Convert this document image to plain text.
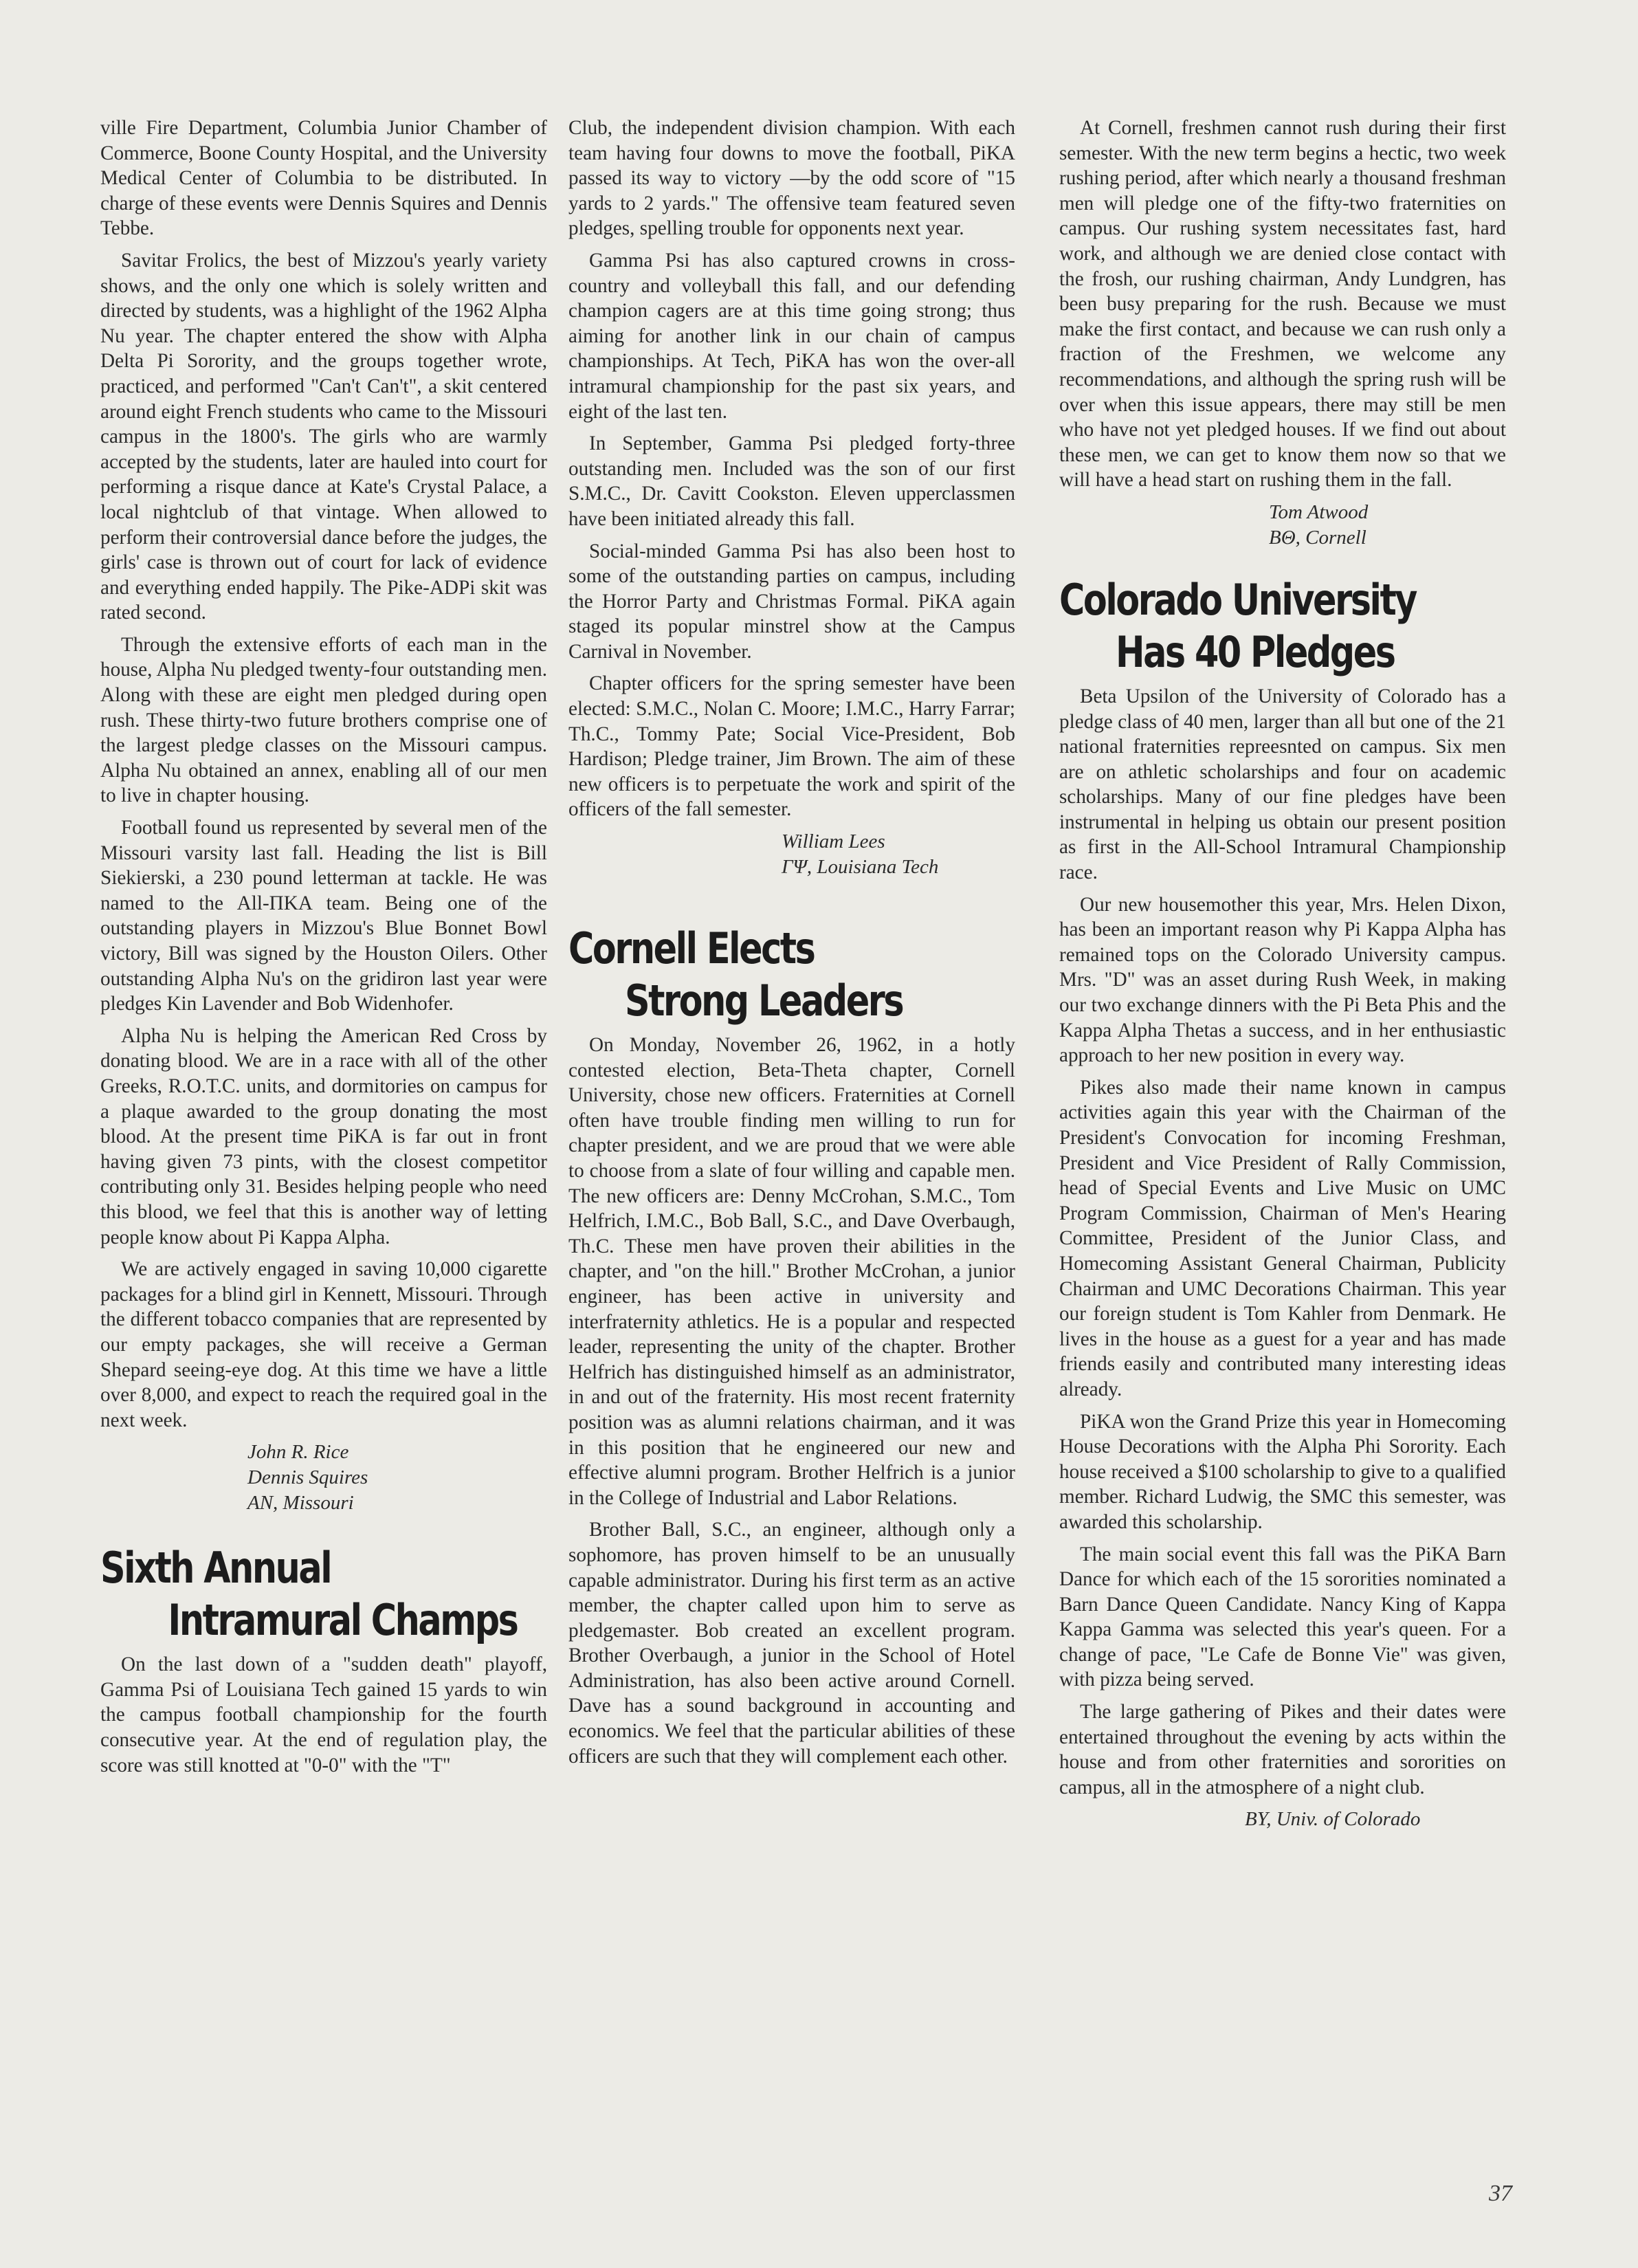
ville Fire Department, Columbia Junior Chamber of Commerce, Boone County Hospital, and the University Medical Center of Columbia to be distributed. In charge of these events were Dennis Squires and Dennis Tebbe.

Savitar Frolics, the best of Mizzou's yearly variety shows, and the only one which is solely written and directed by students, was a highlight of the 1962 Alpha Nu year. The chapter entered the show with Alpha Delta Pi Sorority, and the groups together wrote, practiced, and performed "Can't Can't", a skit centered around eight French students who came to the Missouri campus in the 1800's. The girls who are warmly accepted by the students, later are hauled into court for performing a risque dance at Kate's Crystal Palace, a local nightclub of that vintage. When allowed to perform their controversial dance before the judges, the girls' case is thrown out of court for lack of evidence and everything ended happily. The Pike-ADPi skit was rated second.

Through the extensive efforts of each man in the house, Alpha Nu pledged twenty-four outstanding men. Along with these are eight men pledged during open rush. These thirty-two future brothers comprise one of the largest pledge classes on the Missouri campus. Alpha Nu obtained an annex, enabling all of our men to live in chapter housing.

Football found us represented by several men of the Missouri varsity last fall. Heading the list is Bill Siekierski, a 230 pound letterman at tackle. He was named to the All-ΠKA team. Being one of the outstanding players in Mizzou's Blue Bonnet Bowl victory, Bill was signed by the Houston Oilers. Other outstanding Alpha Nu's on the gridiron last year were pledges Kin Lavender and Bob Widenhofer.

Alpha Nu is helping the American Red Cross by donating blood. We are in a race with all of the other Greeks, R.O.T.C. units, and dormitories on campus for a plaque awarded to the group donating the most blood. At the present time PiKA is far out in front having given 73 pints, with the closest competitor contributing only 31. Besides helping people who need this blood, we feel that this is another way of letting people know about Pi Kappa Alpha.

We are actively engaged in saving 10,000 cigarette packages for a blind girl in Kennett, Missouri. Through the different tobacco companies that are represented by our empty packages, she will receive a German Shepard seeing-eye dog. At this time we have a little over 8,000, and expect to reach the required goal in the next week.

John R. Rice
Dennis Squires
AN, Missouri
Sixth Annual
Intramural Champs

On the last down of a "sudden death" playoff, Gamma Psi of Louisiana Tech gained 15 yards to win the campus football championship for the fourth consecutive year. At the end of regulation play, the score was still knotted at "0-0" with the "T"

Club, the independent division champion. With each team having four downs to move the football, PiKA passed its way to victory —by the odd score of "15 yards to 2 yards." The offensive team featured seven pledges, spelling trouble for opponents next year.

Gamma Psi has also captured crowns in cross-country and volleyball this fall, and our defending champion cagers are at this time going strong; thus aiming for another link in our chain of campus championships. At Tech, PiKA has won the over-all intramural championship for the past six years, and eight of the last ten.

In September, Gamma Psi pledged forty-three outstanding men. Included was the son of our first S.M.C., Dr. Cavitt Cookston. Eleven upperclassmen have been initiated already this fall.

Social-minded Gamma Psi has also been host to some of the outstanding parties on campus, including the Horror Party and Christmas Formal. PiKA again staged its popular minstrel show at the Campus Carnival in November.

Chapter officers for the spring semester have been elected: S.M.C., Nolan C. Moore; I.M.C., Harry Farrar; Th.C., Tommy Pate; Social Vice-President, Bob Hardison; Pledge trainer, Jim Brown. The aim of these new officers is to perpetuate the work and spirit of the officers of the fall semester.

William Lees
ΓΨ, Louisiana Tech
Cornell Elects
Strong Leaders

On Monday, November 26, 1962, in a hotly contested election, Beta-Theta chapter, Cornell University, chose new officers. Fraternities at Cornell often have trouble finding men willing to run for chapter president, and we are proud that we were able to choose from a slate of four willing and capable men. The new officers are: Denny McCrohan, S.M.C., Tom Helfrich, I.M.C., Bob Ball, S.C., and Dave Overbaugh, Th.C. These men have proven their abilities in the chapter, and "on the hill." Brother McCrohan, a junior engineer, has been active in university and interfraternity athletics. He is a popular and respected leader, representing the unity of the chapter. Brother Helfrich has distinguished himself as an administrator, in and out of the fraternity. His most recent fraternity position was as alumni relations chairman, and it was in this position that he engineered our new and effective alumni program. Brother Helfrich is a junior in the College of Industrial and Labor Relations.

Brother Ball, S.C., an engineer, although only a sophomore, has proven himself to be an unusually capable administrator. During his first term as an active member, the chapter called upon him to serve as pledgemaster. Bob created an excellent program. Brother Overbaugh, a junior in the School of Hotel Administration, has also been active around Cornell. Dave has a sound background in accounting and economics. We feel that the particular abilities of these officers are such that they will complement each other.

At Cornell, freshmen cannot rush during their first semester. With the new term begins a hectic, two week rushing period, after which nearly a thousand freshman men will pledge one of the fifty-two fraternities on campus. Our rushing system necessitates fast, hard work, and although we are denied close contact with the frosh, our rushing chairman, Andy Lundgren, has been busy preparing for the rush. Because we must make the first contact, and because we can rush only a fraction of the Freshmen, we welcome any recommendations, and although the spring rush will be over when this issue appears, there may still be men who have not yet pledged houses. If we find out about these men, we can get to know them now so that we will have a head start on rushing them in the fall.

Tom Atwood
BΘ, Cornell
Colorado University
Has 40 Pledges

Beta Upsilon of the University of Colorado has a pledge class of 40 men, larger than all but one of the 21 national fraternities repreesnted on campus. Six men are on athletic scholarships and four on academic scholarships. Many of our fine pledges have been instrumental in helping us obtain our present position as first in the All-School Intramural Championship race.

Our new housemother this year, Mrs. Helen Dixon, has been an important reason why Pi Kappa Alpha has remained tops on the Colorado University campus. Mrs. "D" was an asset during Rush Week, in making our two exchange dinners with the Pi Beta Phis and the Kappa Alpha Thetas a success, and in her enthusiastic approach to her new position in every way.

Pikes also made their name known in campus activities again this year with the Chairman of the President's Convocation for incoming Freshman, President and Vice President of Rally Commission, head of Special Events and Live Music on UMC Program Commission, Chairman of Men's Hearing Committee, President of the Junior Class, and Homecoming Assistant General Chairman, Publicity Chairman and UMC Decorations Chairman. This year our foreign student is Tom Kahler from Denmark. He lives in the house as a guest for a year and has made friends easily and contributed many interesting ideas already.

PiKA won the Grand Prize this year in Homecoming House Decorations with the Alpha Phi Sorority. Each house received a $100 scholarship to give to a qualified member. Richard Ludwig, the SMC this semester, was awarded this scholarship.

The main social event this fall was the PiKA Barn Dance for which each of the 15 sororities nominated a Barn Dance Queen Candidate. Nancy King of Kappa Kappa Gamma was selected this year's queen. For a change of pace, "Le Cafe de Bonne Vie" was given, with pizza being served.

The large gathering of Pikes and their dates were entertained throughout the evening by acts within the house and from other fraternities and sororities on campus, all in the atmosphere of a night club.

BΥ, Univ. of Colorado
37
